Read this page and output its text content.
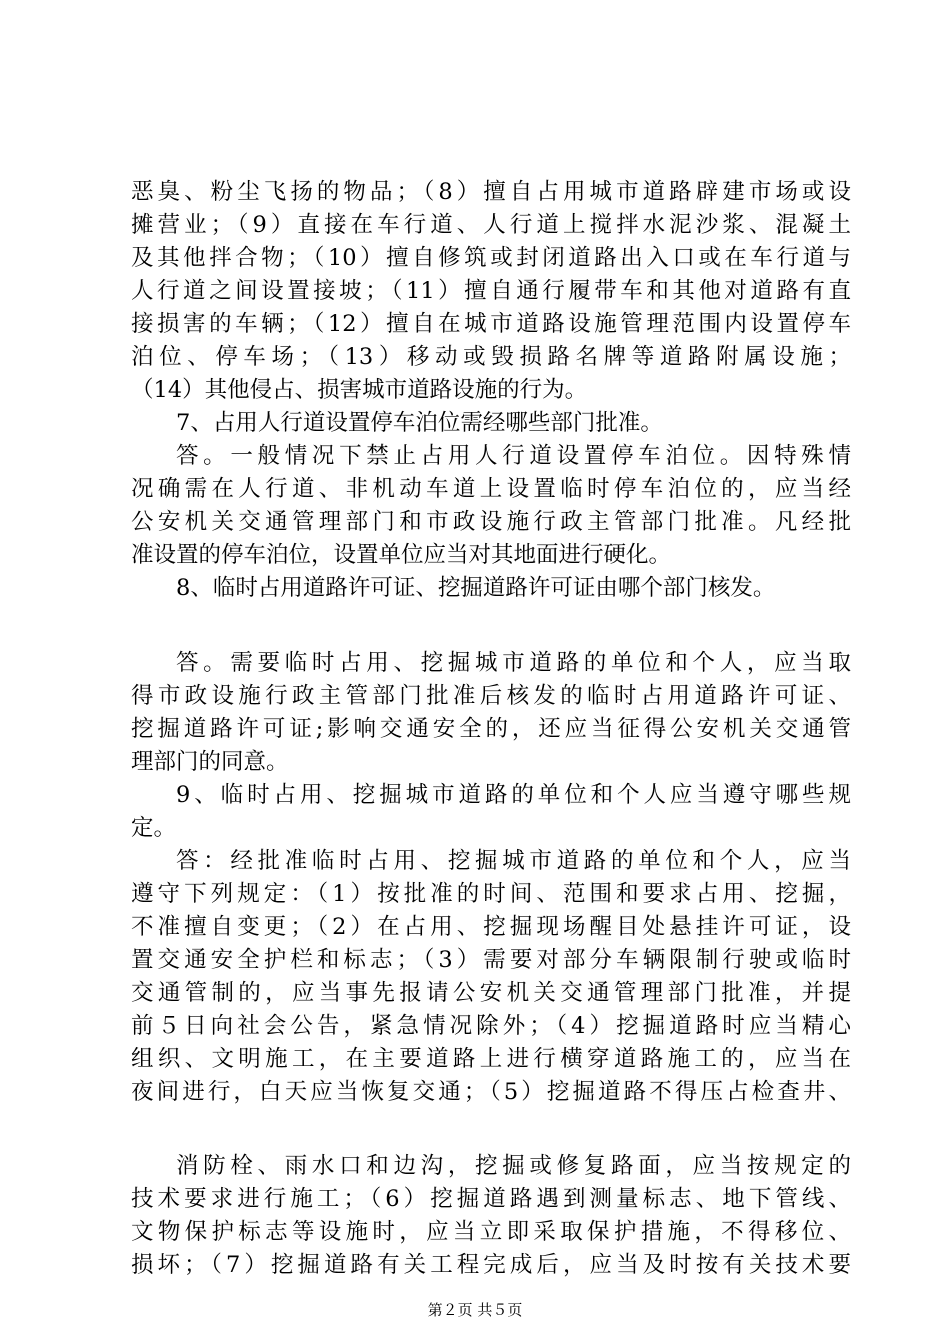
恶臭、粉尘飞扬的物品；（8）擅自占用城市道路辟建市场或设
摊营业；（9）直接在车行道、人行道上搅拌水泥沙浆、混凝土
及其他拌合物；（10）擅自修筑或封闭道路出入口或在车行道与
人行道之间设置接坡；（11）擅自通行履带车和其他对道路有直
接损害的车辆；（12）擅自在城市道路设施管理范围内设置停车
泊位、停车场；（13）移动或毁损路名牌等道路附属设施；
（14）其他侵占、损害城市道路设施的行为。
7、占用人行道设置停车泊位需经哪些部门批准。
答。一般情况下禁止占用人行道设置停车泊位。因特殊情
况确需在人行道、非机动车道上设置临时停车泊位的，应当经
公安机关交通管理部门和市政设施行政主管部门批准。凡经批
准设置的停车泊位，设置单位应当对其地面进行硬化。
8、临时占用道路许可证、挖掘道路许可证由哪个部门核发。
答。需要临时占用、挖掘城市道路的单位和个人，应当取
得市政设施行政主管部门批准后核发的临时占用道路许可证、
挖掘道路许可证;影响交通安全的，还应当征得公安机关交通管
理部门的同意。
9、临时占用、挖掘城市道路的单位和个人应当遵守哪些规
定。
答：经批准临时占用、挖掘城市道路的单位和个人，应当
遵守下列规定：（1）按批准的时间、范围和要求占用、挖掘，
不准擅自变更；（2）在占用、挖掘现场醒目处悬挂许可证，设
置交通安全护栏和标志；（3）需要对部分车辆限制行驶或临时
交通管制的，应当事先报请公安机关交通管理部门批准，并提
前５日向社会公告，紧急情况除外；（4）挖掘道路时应当精心
组织、文明施工，在主要道路上进行横穿道路施工的，应当在
夜间进行，白天应当恢复交通；（5）挖掘道路不得压占检查井、
消防栓、雨水口和边沟，挖掘或修复路面，应当按规定的
技术要求进行施工；（6）挖掘道路遇到测量标志、地下管线、
文物保护标志等设施时，应当立即采取保护措施，不得移位、
损坏；（7）挖掘道路有关工程完成后，应当及时按有关技术要
第２页 共５页
